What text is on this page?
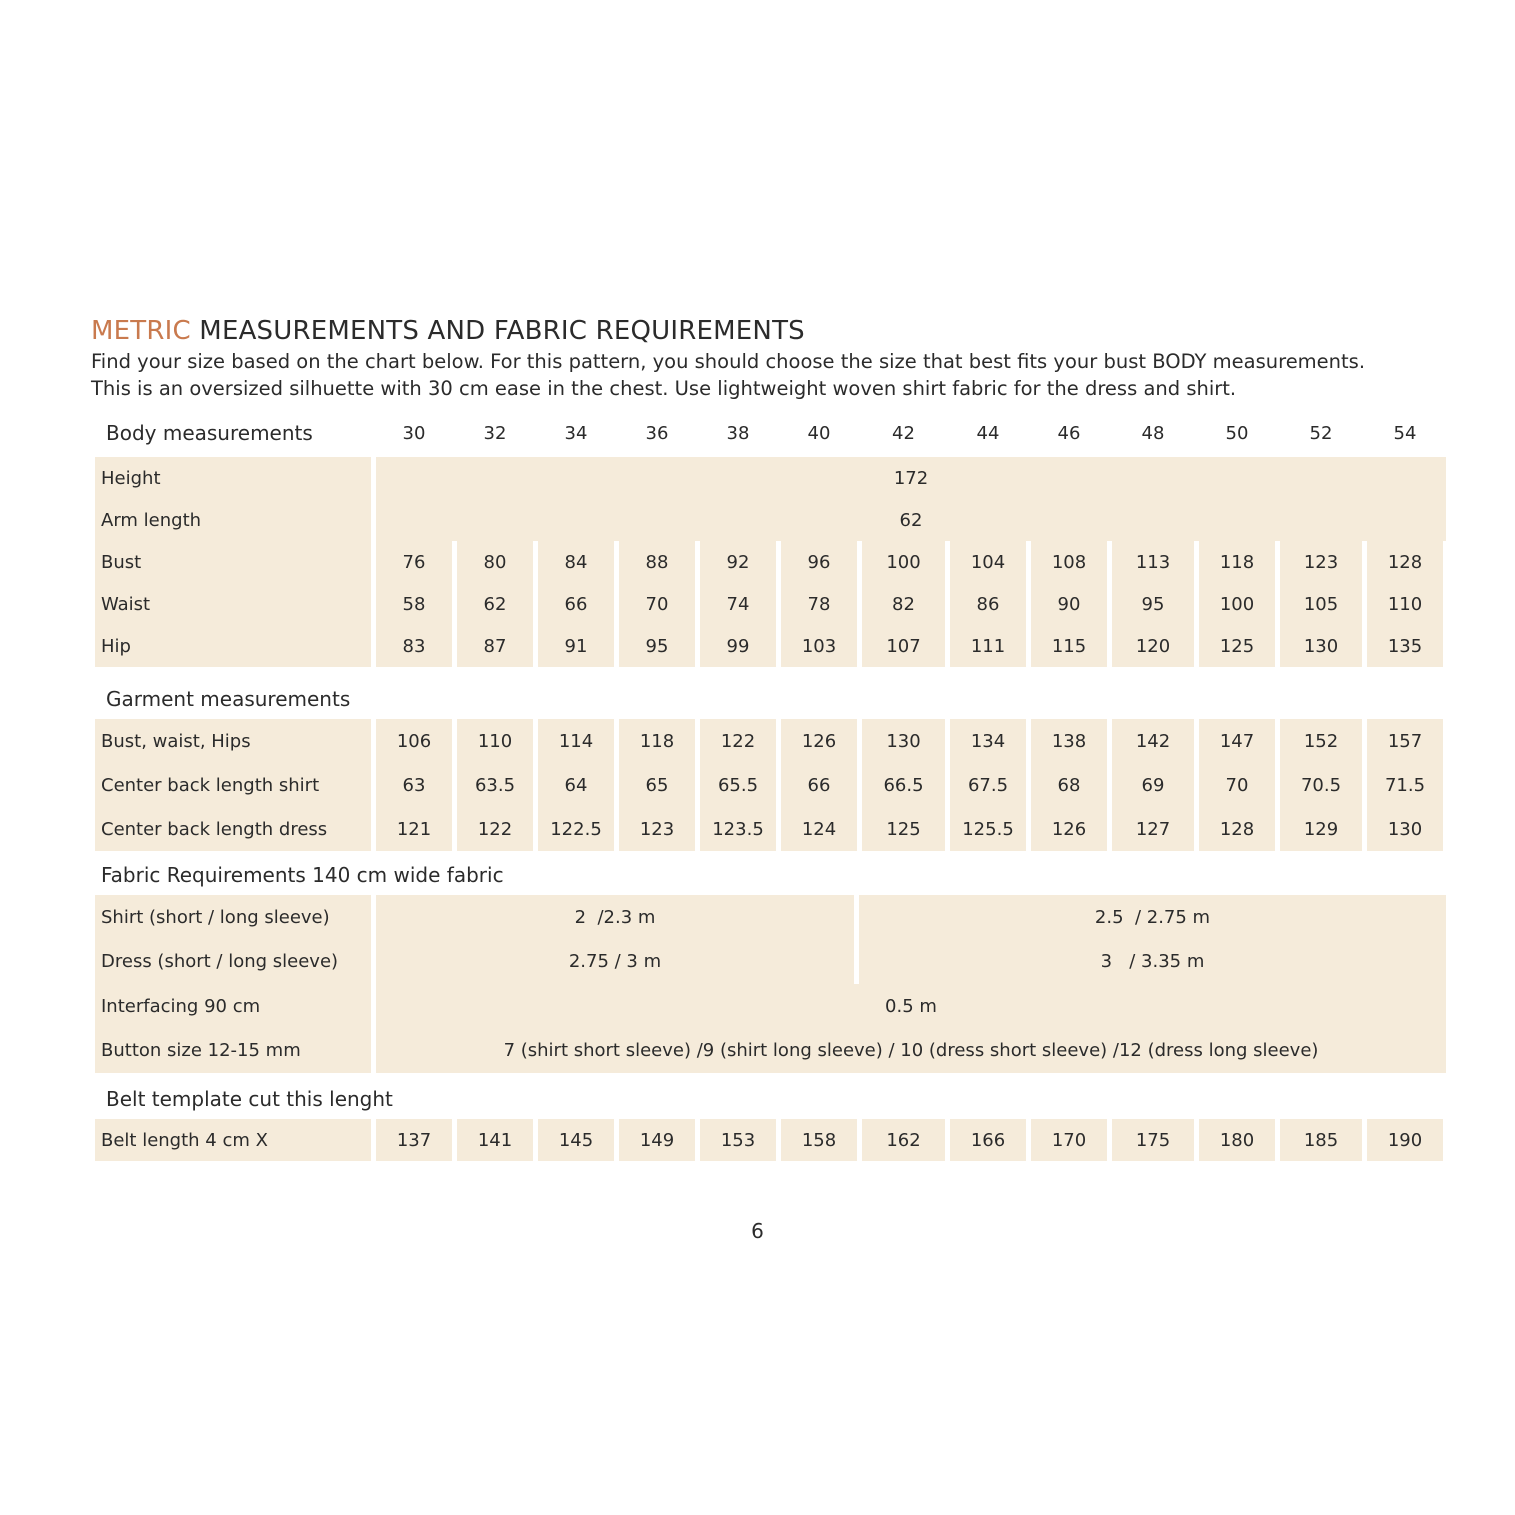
METRIC MEASUREMENTS AND FABRIC REQUIREMENTS
Find your size based on the chart below. For this pattern, you should choose the size that best fits your bust BODY measurements.
This is an oversized silhuette with 30 cm ease in the chest. Use lightweight woven shirt fabric for the dress and shirt.
Body measurements	30	32	34	36	38	40	42	44	46	48	50	52	54
Height	172
Arm length	62
Bust	76	80	84	88	92	96	100	104	108	113	118	123	128
Waist	58	62	66	70	74	78	82	86	90	95	100	105	110
Hip	83	87	91	95	99	103	107	111	115	120	125	130	135
Garment measurements
Bust, waist, Hips	106	110	114	118	122	126	130	134	138	142	147	152	157
Center back length shirt	63	63.5	64	65	65.5	66	66.5	67.5	68	69	70	70.5	71.5
Center back length dress	121	122	122.5	123	123.5	124	125	125.5	126	127	128	129	130
Fabric Requirements 140 cm wide fabric
Shirt (short / long sleeve)	2  /2.3 m	2.5  / 2.75 m
Dress (short / long sleeve)	2.75 / 3 m	3   / 3.35 m
Interfacing 90 cm	0.5 m
Button size 12-15 mm	7 (shirt short sleeve) /9 (shirt long sleeve) / 10 (dress short sleeve) /12 (dress long sleeve)
Belt template cut this lenght
Belt length 4 cm X	137	141	145	149	153	158	162	166	170	175	180	185	190
6
